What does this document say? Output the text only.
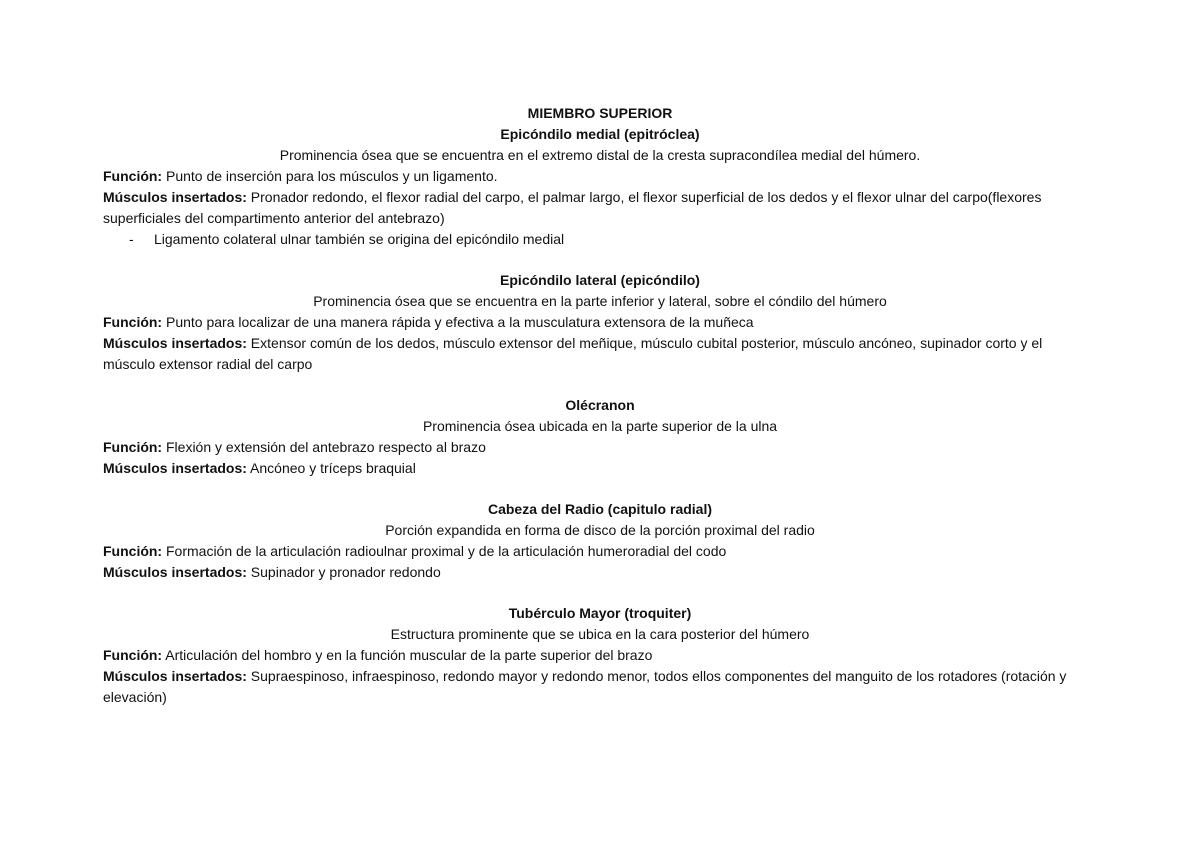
MIEMBRO SUPERIOR
Epicóndilo medial (epitróclea)
Prominencia ósea que se encuentra en el extremo distal de la cresta supracondílea medial del húmero.
Función: Punto de inserción para los músculos y un ligamento.
Músculos insertados: Pronador redondo, el flexor radial del carpo, el palmar largo, el flexor superficial de los dedos y el flexor ulnar del carpo(flexores superficiales del compartimento anterior del antebrazo)
- Ligamento colateral ulnar también se origina del epicóndilo medial
Epicóndilo lateral (epicóndilo)
Prominencia ósea que se encuentra en la parte inferior y lateral, sobre el cóndilo del húmero
Función: Punto para localizar de una manera rápida y efectiva a la musculatura extensora de la muñeca
Músculos insertados: Extensor común de los dedos, músculo extensor del meñique, músculo cubital posterior, músculo ancóneo, supinador corto y el músculo extensor radial del carpo
Olécranon
Prominencia ósea ubicada en la parte superior de la ulna
Función: Flexión y extensión del antebrazo respecto al brazo
Músculos insertados: Ancóneo y tríceps braquial
Cabeza del Radio (capitulo radial)
Porción expandida en forma de disco de la porción proximal del radio
Función: Formación de la articulación radioulnar proximal y de la articulación humeroradial del codo
Músculos insertados: Supinador y pronador redondo
Tubérculo Mayor (troquiter)
Estructura prominente que se ubica en la cara posterior del húmero
Función: Articulación del hombro y en la función muscular de la parte superior del brazo
Músculos insertados: Supraespinoso, infraespinoso, redondo mayor y redondo menor, todos ellos componentes del manguito de los rotadores (rotación y elevación)
